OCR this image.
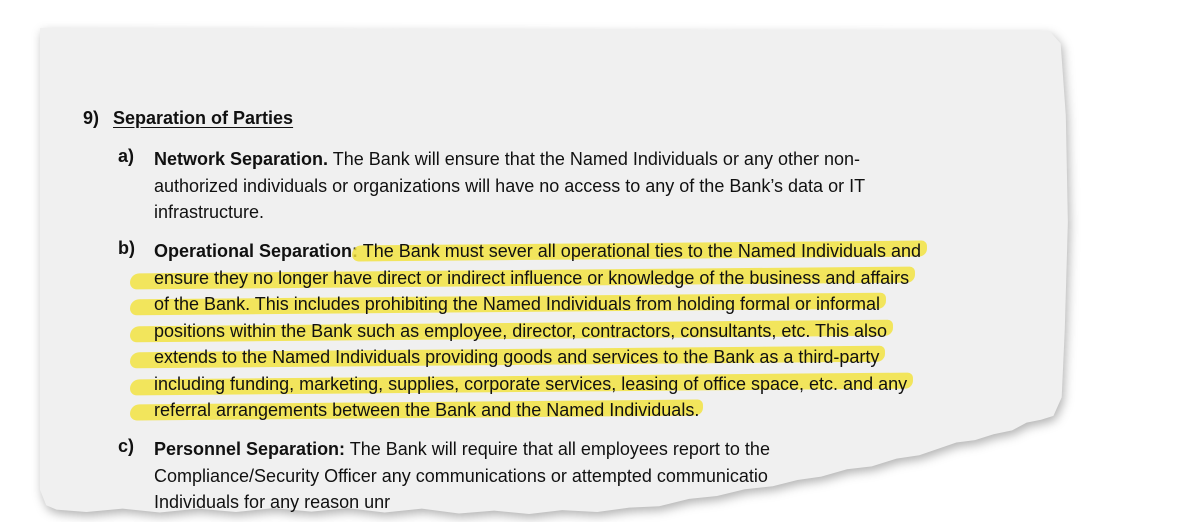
9) Separation of Parties
a) Network Separation. The Bank will ensure that the Named Individuals or any other non-
authorized individuals or organizations will have no access to any of the Bank’s data or IT
infrastructure.
b) Operational Separation: The Bank must sever all operational ties to the Named Individuals and
ensure they no longer have direct or indirect influence or knowledge of the business and affairs
of the Bank. This includes prohibiting the Named Individuals from holding formal or informal
positions within the Bank such as employee, director, contractors, consultants, etc. This also
extends to the Named Individuals providing goods and services to the Bank as a third-party
including funding, marketing, supplies, corporate services, leasing of office space, etc. and any
referral arrangements between the Bank and the Named Individuals.
c) Personnel Separation: The Bank will require that all employees report to the
Compliance/Security Officer any communications or attempted communicatio
Individuals for any reason unr
